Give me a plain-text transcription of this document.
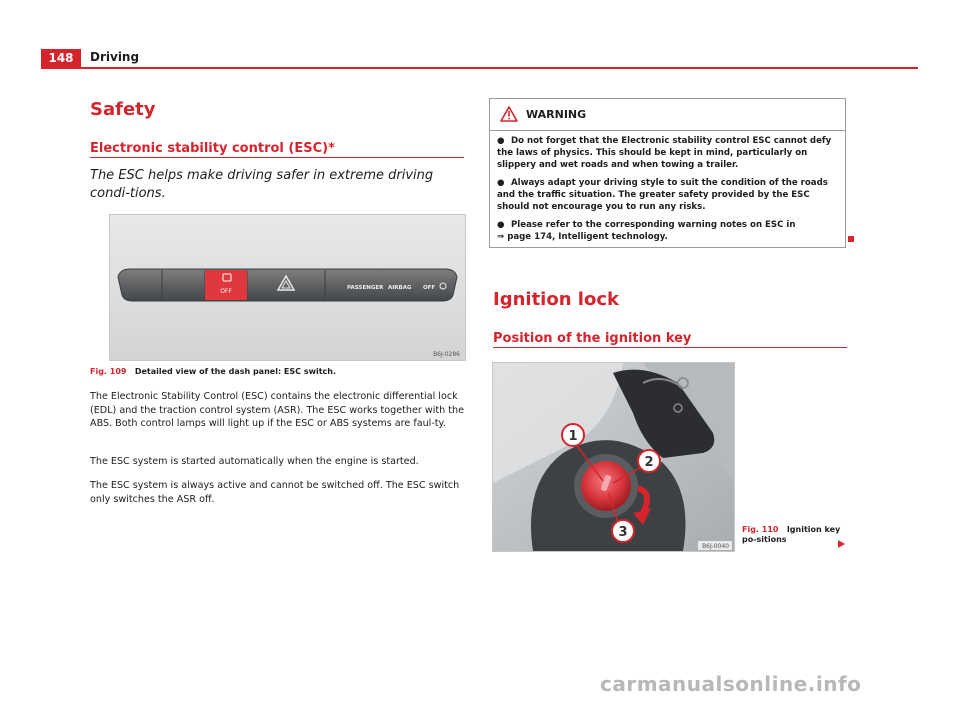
148	Driving
Safety
Electronic stability control (ESC)*
The ESC helps make driving safer in extreme driving condi-tions.
OFF	PASSENGER AIRBAG OFF
B6J-0286
Fig. 109 Detailed view of the dash panel: ESC switch.
The Electronic Stability Control (ESC) contains the electronic differential lock (EDL) and the traction control system (ASR). The ESC works together with the ABS. Both control lamps will light up if the ESC or ABS systems are faul-ty.
The ESC system is started automatically when the engine is started.
The ESC system is always active and cannot be switched off. The ESC switch only switches the ASR off.
WARNING
● Do not forget that the Electronic stability control ESC cannot defy the laws of physics. This should be kept in mind, particularly on slippery and wet roads and when towing a trailer.
● Always adapt your driving style to suit the condition of the roads and the traffic situation. The greater safety provided by the ESC should not encourage you to run any risks.
● Please refer to the corresponding warning notes on ESC in
⇒ page 174, Intelligent technology.
Ignition lock
Position of the ignition key
1
2
3
B6J-0040
Fig. 110 Ignition key po-sitions
carmanualsonline.info
